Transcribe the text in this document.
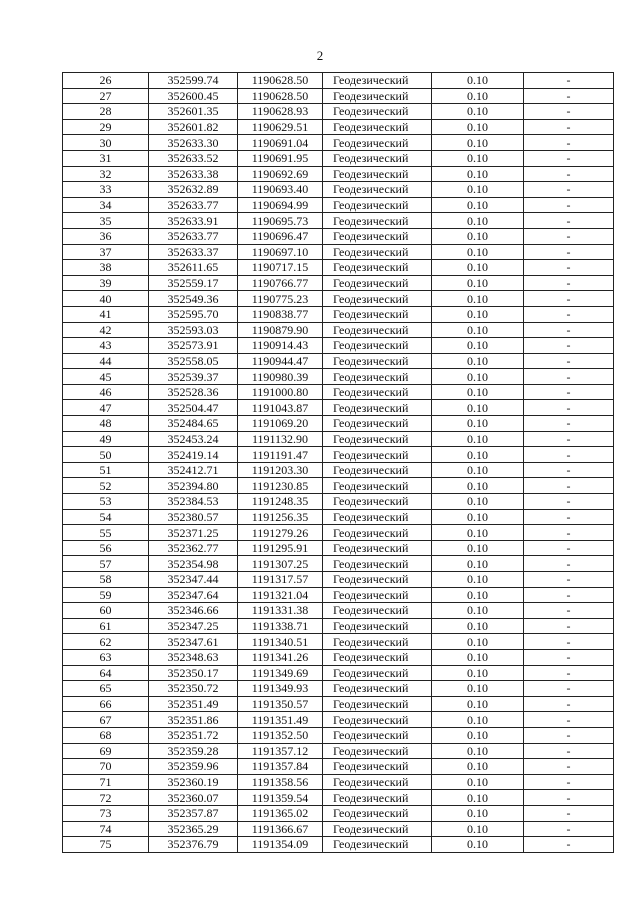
2
26	352599.74	1190628.50	Геодезический	0.10	-
27	352600.45	1190628.50	Геодезический	0.10	-
28	352601.35	1190628.93	Геодезический	0.10	-
29	352601.82	1190629.51	Геодезический	0.10	-
30	352633.30	1190691.04	Геодезический	0.10	-
31	352633.52	1190691.95	Геодезический	0.10	-
32	352633.38	1190692.69	Геодезический	0.10	-
33	352632.89	1190693.40	Геодезический	0.10	-
34	352633.77	1190694.99	Геодезический	0.10	-
35	352633.91	1190695.73	Геодезический	0.10	-
36	352633.77	1190696.47	Геодезический	0.10	-
37	352633.37	1190697.10	Геодезический	0.10	-
38	352611.65	1190717.15	Геодезический	0.10	-
39	352559.17	1190766.77	Геодезический	0.10	-
40	352549.36	1190775.23	Геодезический	0.10	-
41	352595.70	1190838.77	Геодезический	0.10	-
42	352593.03	1190879.90	Геодезический	0.10	-
43	352573.91	1190914.43	Геодезический	0.10	-
44	352558.05	1190944.47	Геодезический	0.10	-
45	352539.37	1190980.39	Геодезический	0.10	-
46	352528.36	1191000.80	Геодезический	0.10	-
47	352504.47	1191043.87	Геодезический	0.10	-
48	352484.65	1191069.20	Геодезический	0.10	-
49	352453.24	1191132.90	Геодезический	0.10	-
50	352419.14	1191191.47	Геодезический	0.10	-
51	352412.71	1191203.30	Геодезический	0.10	-
52	352394.80	1191230.85	Геодезический	0.10	-
53	352384.53	1191248.35	Геодезический	0.10	-
54	352380.57	1191256.35	Геодезический	0.10	-
55	352371.25	1191279.26	Геодезический	0.10	-
56	352362.77	1191295.91	Геодезический	0.10	-
57	352354.98	1191307.25	Геодезический	0.10	-
58	352347.44	1191317.57	Геодезический	0.10	-
59	352347.64	1191321.04	Геодезический	0.10	-
60	352346.66	1191331.38	Геодезический	0.10	-
61	352347.25	1191338.71	Геодезический	0.10	-
62	352347.61	1191340.51	Геодезический	0.10	-
63	352348.63	1191341.26	Геодезический	0.10	-
64	352350.17	1191349.69	Геодезический	0.10	-
65	352350.72	1191349.93	Геодезический	0.10	-
66	352351.49	1191350.57	Геодезический	0.10	-
67	352351.86	1191351.49	Геодезический	0.10	-
68	352351.72	1191352.50	Геодезический	0.10	-
69	352359.28	1191357.12	Геодезический	0.10	-
70	352359.96	1191357.84	Геодезический	0.10	-
71	352360.19	1191358.56	Геодезический	0.10	-
72	352360.07	1191359.54	Геодезический	0.10	-
73	352357.87	1191365.02	Геодезический	0.10	-
74	352365.29	1191366.67	Геодезический	0.10	-
75	352376.79	1191354.09	Геодезический	0.10	-
